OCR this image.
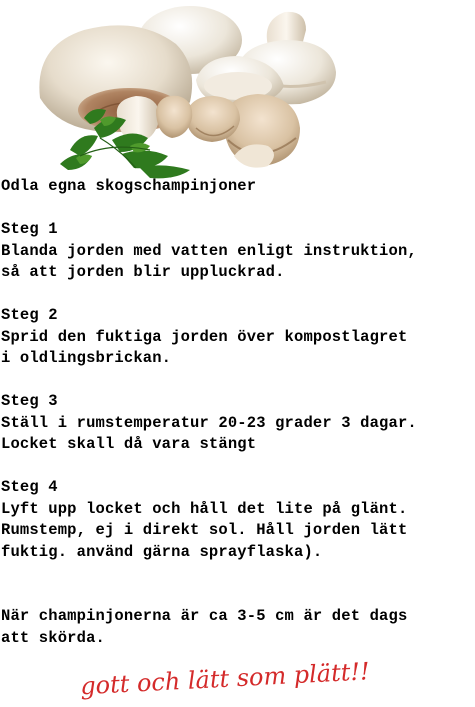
Odla egna skogschampinjoner
Steg 1
Blanda jorden med vatten enligt instruktion,
så att jorden blir uppluckrad.
Steg 2
Sprid den fuktiga jorden över kompostlagret
i oldlingsbrickan.
Steg 3
Ställ i rumstemperatur 20-23 grader 3 dagar.
Locket skall då vara stängt
Steg 4
Lyft upp locket och håll det lite på glänt.
Rumstemp, ej i direkt sol. Håll jorden lätt
fuktig. använd gärna sprayflaska).
När champinjonerna är ca 3-5 cm är det dags
att skörda.
gott och lätt som plätt!!
